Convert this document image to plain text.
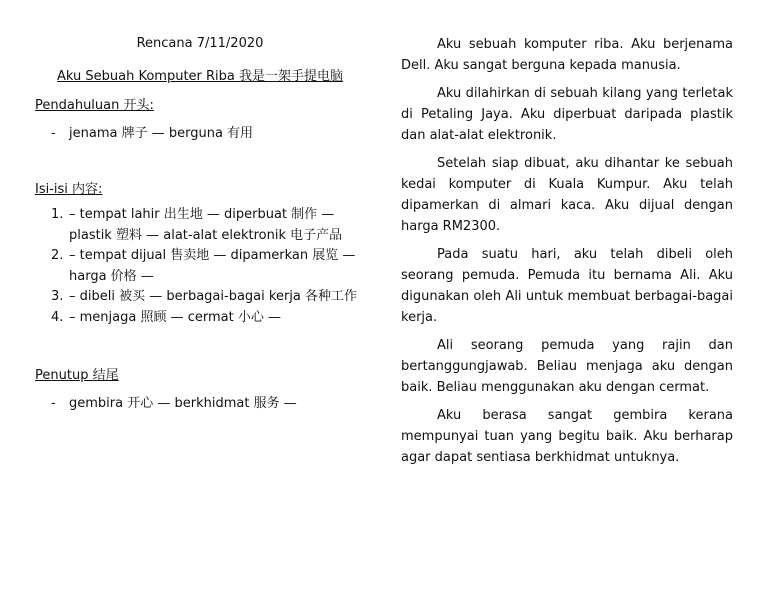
Rencana 7/11/2020
Aku Sebuah Komputer Riba 我是一架手提电脑
Pendahuluan 开头:
- jenama 牌子 — berguna 有用
Isi-isi 内容:
1. – tempat lahir 出生地 — diperbuat 制作 — plastik 塑料 — alat-alat elektronik 电子产品
2. – tempat dijual 售卖地 — dipamerkan 展览 — harga 价格 —
3. – dibeli 被买 — berbagai-bagai kerja 各种工作
4. – menjaga 照顾 — cermat 小心 —
Penutup 结尾
- gembira 开心 — berkhidmat 服务 —

Aku sebuah komputer riba. Aku berjenama Dell. Aku sangat berguna kepada manusia.

Aku dilahirkan di sebuah kilang yang terletak di Petaling Jaya. Aku diperbuat daripada plastik dan alat-alat elektronik.

Setelah siap dibuat, aku dihantar ke sebuah kedai komputer di Kuala Kumpur. Aku telah dipamerkan di almari kaca. Aku dijual dengan harga RM2300.

Pada suatu hari, aku telah dibeli oleh seorang pemuda. Pemuda itu bernama Ali. Aku digunakan oleh Ali untuk membuat berbagai-bagai kerja.

Ali seorang pemuda yang rajin dan bertanggungjawab. Beliau menjaga aku dengan baik. Beliau menggunakan aku dengan cermat.

Aku berasa sangat gembira kerana mempunyai tuan yang begitu baik. Aku berharap agar dapat sentiasa berkhidmat untuknya.
